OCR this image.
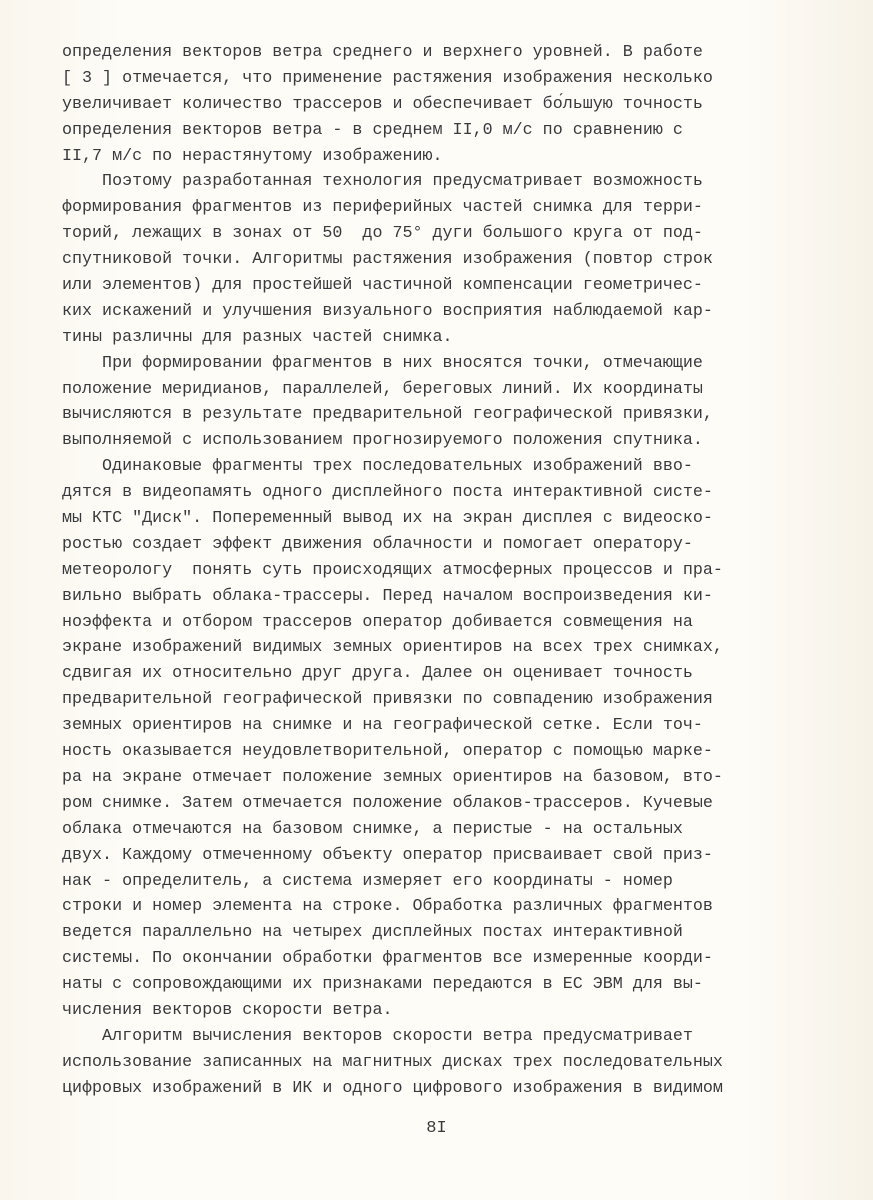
определения векторов ветра среднего и верхнего уровней. В работе
[ 3 ] отмечается, что применение растяжения изображения несколько
увеличивает количество трассеров и обеспечивает бо́льшую точность
определения векторов ветра - в среднем II,0 м/с по сравнению с
II,7 м/с по нерастянутому изображению.
Поэтому разработанная технология предусматривает возможность
формирования фрагментов из периферийных частей снимка для терри-
торий, лежащих в зонах от 50  до 75° дуги большого круга от под-
спутниковой точки. Алгоритмы растяжения изображения (повтор строк
или элементов) для простейшей частичной компенсации геометричес-
ких искажений и улучшения визуального восприятия наблюдаемой кар-
тины различны для разных частей снимка.
При формировании фрагментов в них вносятся точки, отмечающие
положение меридианов, параллелей, береговых линий. Их координаты
вычисляются в результате предварительной географической привязки,
выполняемой с использованием прогнозируемого положения спутника.
Одинаковые фрагменты трех последовательных изображений вво-
дятся в видеопамять одного дисплейного поста интерактивной систе-
мы КТС "Диск". Попеременный вывод их на экран дисплея с видеоско-
ростью создает эффект движения облачности и помогает оператору-
метеорологу  понять суть происходящих атмосферных процессов и пра-
вильно выбрать облака-трассеры. Перед началом воспроизведения ки-
ноэффекта и отбором трассеров оператор добивается совмещения на
экране изображений видимых земных ориентиров на всех трех снимках,
сдвигая их относительно друг друга. Далее он оценивает точность
предварительной географической привязки по совпадению изображения
земных ориентиров на снимке и на географической сетке. Если точ-
ность оказывается неудовлетворительной, оператор с помощью марке-
ра на экране отмечает положение земных ориентиров на базовом, вто-
ром снимке. Затем отмечается положение облаков-трассеров. Кучевые
облака отмечаются на базовом снимке, а перистые - на остальных
двух. Каждому отмеченному объекту оператор присваивает свой приз-
нак - определитель, а система измеряет его координаты - номер
строки и номер элемента на строке. Обработка различных фрагментов
ведется параллельно на четырех дисплейных постах интерактивной
системы. По окончании обработки фрагментов все измеренные коорди-
наты с сопровождающими их признаками передаются в ЕС ЭВМ для вы-
числения векторов скорости ветра.
Алгоритм вычисления векторов скорости ветра предусматривает
использование записанных на магнитных дисках трех последовательных
цифровых изображений в ИК и одного цифрового изображения в видимом
8I
